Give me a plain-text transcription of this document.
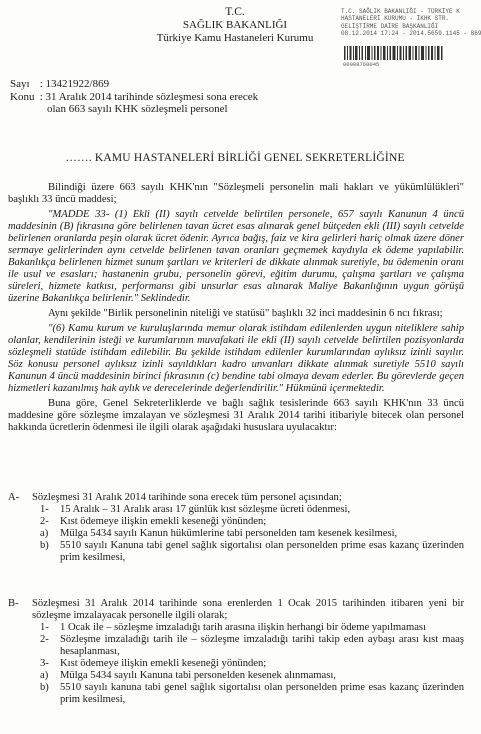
T.C.
SAĞLIK BAKANLIĞI
Türkiye Kamu Hastaneleri Kurumu
T.C. SAĞLIK BAKANLIĞI - TÜRKİYE K
HASTANELERİ KURUMU - İKHK STR.
GELİŞTİRME DAİRE BAŞKANLIĞI
08.12.2014 17:24 - 2014.5659.1145 - 869
00008760045
Sayı : 13421922/869
Konu : 31 Aralık 2014 tarihinde sözleşmesi sona erecek
olan 663 sayılı KHK sözleşmeli personel
……. KAMU HASTANELERİ BİRLİĞİ GENEL SEKRETERLİĞİNE

Bilindiği üzere 663 sayılı KHK'nın "Sözleşmeli personelin mali hakları ve yükümlülükleri" başlıklı 33 üncü maddesi;

"MADDE 33- (1) Ekli (II) sayılı cetvelde belirtilen personele, 657 sayılı Kanunun 4 üncü maddesinin (B) fıkrasına göre belirlenen tavan ücret esas alınarak genel bütçeden ekli (III) sayılı cetvelde belirlenen oranlarda peşin olarak ücret ödenir. Ayrıca bağış, faiz ve kira gelirleri hariç olmak üzere döner sermaye gelirlerinden aynı cetvelde belirlenen tavan oranları geçmemek kaydıyla ek ödeme yapılabilir. Bakanlıkça belirlenen hizmet sunum şartları ve kriterleri de dikkate alınmak suretiyle, bu ödemenin oranı ile usul ve esasları; hastanenin grubu, personelin görevi, eğitim durumu, çalışma şartları ve çalışma süreleri, hizmete katkısı, performansı gibi unsurlar esas alınarak Maliye Bakanlığının uygun görüşü üzerine Bakanlıkça belirlenir." Seklindedir.

Aynı şekilde "Birlik personelinin niteliği ve statüsü" başlıklı 32 inci maddesinin 6 ncı fıkrası;

"(6) Kamu kurum ve kuruluşlarında memur olarak istihdam edilenlerden uygun niteliklere sahip olanlar, kendilerinin isteği ve kurumlarının muvafakati ile ekli (II) sayılı cetvelde belirtilen pozisyonlarda sözleşmeli statüde istihdam edilebilir. Bu şekilde istihdam edilenler kurumlarından aylıksız izinli sayılır. Söz konusu personel aylıksız izinli sayıldıkları kadro unvanları dikkate alınmak suretiyle 5510 sayılı Kanunun 4 üncü maddesinin birinci fıkrasının (c) bendine tabi olmaya devam ederler. Bu görevlerde geçen hizmetleri kazanılmış hak aylık ve derecelerinde değerlendirilir." Hükmünü içermektedir.

Buna göre, Genel Sekreterliklerde ve bağlı sağlık tesislerinde 663 sayılı KHK'nın 33 üncü maddesine göre sözleşme imzalayan ve sözleşmesi 31 Aralık 2014 tarihi itibariyle bitecek olan personel hakkında ücretlerin ödenmesi ile ilgili olarak aşağıdaki hususlara uyulacaktır:

A-	Sözleşmesi 31 Aralık 2014 tarihinde sona erecek tüm personel açısından;
1-	15 Aralık – 31 Aralık arası 17 günlük kıst sözleşme ücreti ödenmesi,
2-	Kıst ödemeye ilişkin emekli keseneği yönünden;
a)	Mülga 5434 sayılı Kanun hükümlerine tabi personelden tam kesenek kesilmesi,
b)	5510 sayılı Kanuna tabi genel sağlık sigortalısı olan personelden prime esas kazanç üzerinden prim kesilmesi,
B-	Sözleşmesi 31 Aralık 2014 tarihinde sona erenlerden 1 Ocak 2015 tarihinden itibaren yeni bir sözleşme imzalayacak personelle ilgili olarak;
1-	1 Ocak ile – sözleşme imzaladığı tarih arasına ilişkin herhangi bir ödeme yapılmaması
2-	Sözleşme imzaladığı tarih ile – sözleşme imzaladığı tarihi takip eden aybaşı arası kıst maaş hesaplanması,
3-	Kıst ödemeye ilişkin emekli keseneği yönünden;
a)	Mülga 5434 sayılı Kanuna tabi personelden kesenek alınmaması,
b)	5510 sayılı kanuna tabi genel sağlık sigortalısı olan personelden prime esas kazanç üzerinden prim kesilmesi,
